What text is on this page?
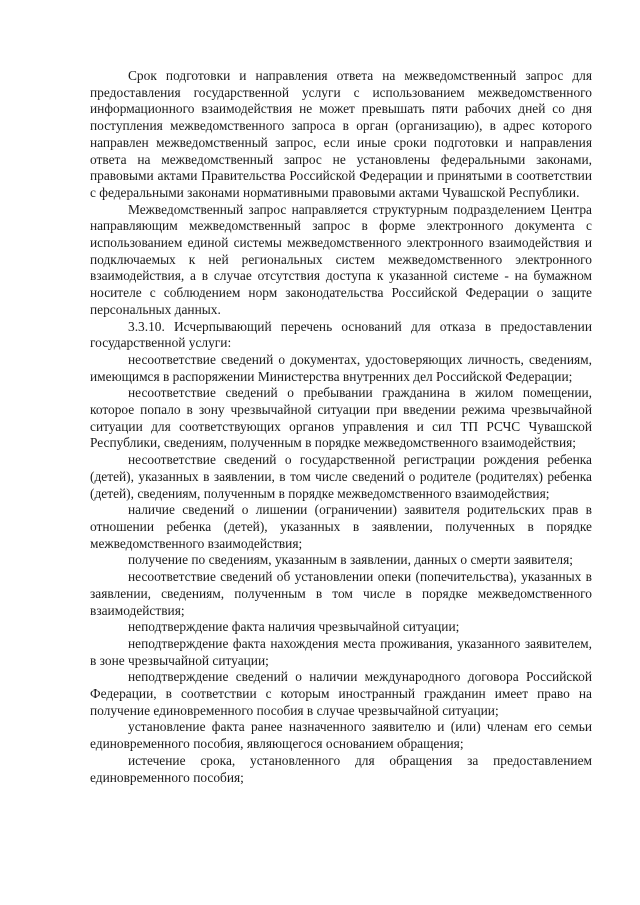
Срок подготовки и направления ответа на межведомственный запрос для предоставления государственной услуги с использованием межведомственного информационного взаимодействия не может превышать пяти рабочих дней со дня поступления межведомственного запроса в орган (организацию), в адрес которого направлен межведомственный запрос, если иные сроки подготовки и направления ответа на межведомственный запрос не установлены федеральными законами, правовыми актами Правительства Российской Федерации и принятыми в соответствии с федеральными законами нормативными правовыми актами Чувашской Республики.

Межведомственный запрос направляется структурным подразделением Центра направляющим межведомственный запрос в форме электронного документа с использованием единой системы межведомственного электронного взаимодействия и подключаемых к ней региональных систем межведомственного электронного взаимодействия, а в случае отсутствия доступа к указанной системе - на бумажном носителе с соблюдением норм законодательства Российской Федерации о защите персональных данных.

3.3.10. Исчерпывающий перечень оснований для отказа в предоставлении государственной услуги:

несоответствие сведений о документах, удостоверяющих личность, сведениям, имеющимся в распоряжении Министерства внутренних дел Российской Федерации;

несоответствие сведений о пребывании гражданина в жилом помещении, которое попало в зону чрезвычайной ситуации при введении режима чрезвычайной ситуации для соответствующих органов управления и сил ТП РСЧС Чувашской Республики, сведениям, полученным в порядке межведомственного взаимодействия;

несоответствие сведений о государственной регистрации рождения ребенка (детей), указанных в заявлении, в том числе сведений о родителе (родителях) ребенка (детей), сведениям, полученным в порядке межведомственного взаимодействия;

наличие сведений о лишении (ограничении) заявителя родительских прав в отношении ребенка (детей), указанных в заявлении, полученных в порядке межведомственного взаимодействия;

получение по сведениям, указанным в заявлении, данных о смерти заявителя;

несоответствие сведений об установлении опеки (попечительства), указанных в заявлении, сведениям, полученным в том числе в порядке межведомственного взаимодействия;

неподтверждение факта наличия чрезвычайной ситуации;

неподтверждение факта нахождения места проживания, указанного заявителем, в зоне чрезвычайной ситуации;

неподтверждение сведений о наличии международного договора Российской Федерации, в соответствии с которым иностранный гражданин имеет право на получение единовременного пособия в случае чрезвычайной ситуации;

установление факта ранее назначенного заявителю и (или) членам его семьи единовременного пособия, являющегося основанием обращения;

истечение срока, установленного для обращения за предоставлением единовременного пособия;
